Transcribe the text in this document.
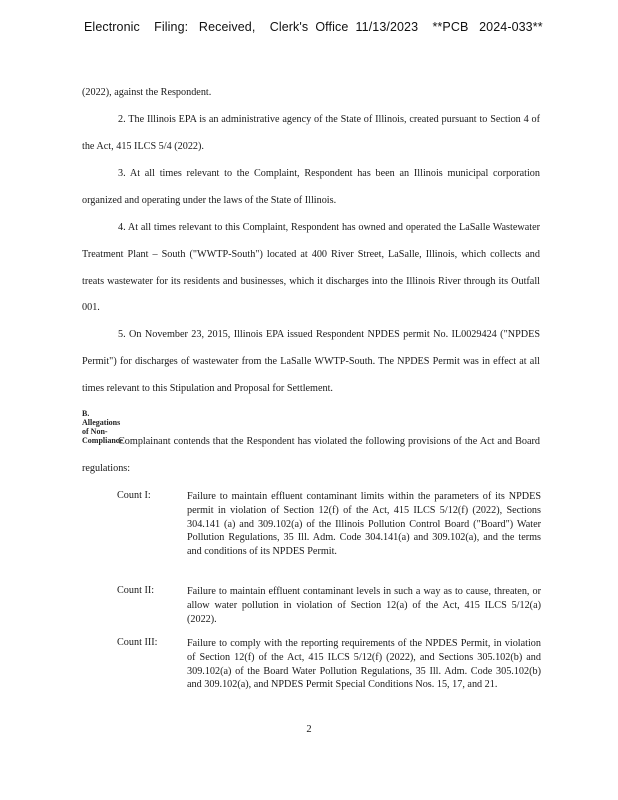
Electronic    Filing:   Received,    Clerk's  Office  11/13/2023    **PCB   2024-033**
(2022), against the Respondent.
2. The Illinois EPA is an administrative agency of the State of Illinois, created pursuant to Section 4 of the Act, 415 ILCS 5/4 (2022).
3. At all times relevant to the Complaint, Respondent has been an Illinois municipal corporation organized and operating under the laws of the State of Illinois.
4. At all times relevant to this Complaint, Respondent has owned and operated the LaSalle Wastewater Treatment Plant – South ("WWTP-South") located at 400 River Street, LaSalle, Illinois, which collects and treats wastewater for its residents and businesses, which it discharges into the Illinois River through its Outfall 001.
5. On November 23, 2015, Illinois EPA issued Respondent NPDES permit No. IL0029424 ("NPDES Permit") for discharges of wastewater from the LaSalle WWTP-South. The NPDES Permit was in effect at all times relevant to this Stipulation and Proposal for Settlement.
B.Allegations of Non-Compliance
Complainant contends that the Respondent has violated the following provisions of the Act and Board regulations:
Count I:	Failure to maintain effluent contaminant limits within the parameters of its NPDES permit in violation of Section 12(f) of the Act, 415 ILCS 5/12(f) (2022), Sections 304.141 (a) and 309.102(a) of the Illinois Pollution Control Board ("Board") Water Pollution Regulations, 35 Ill. Adm. Code 304.141(a) and 309.102(a), and the terms and conditions of its NPDES Permit.
Count II:	Failure to maintain effluent contaminant levels in such a way as to cause, threaten, or allow water pollution in violation of Section 12(a) of the Act, 415 ILCS 5/12(a) (2022).
Count III:	Failure to comply with the reporting requirements of the NPDES Permit, in violation of Section 12(f) of the Act, 415 ILCS 5/12(f) (2022), and Sections 305.102(b) and 309.102(a) of the Board Water Pollution Regulations, 35 Ill. Adm. Code 305.102(b) and 309.102(a), and NPDES Permit Special Conditions Nos. 15, 17, and 21.
2
